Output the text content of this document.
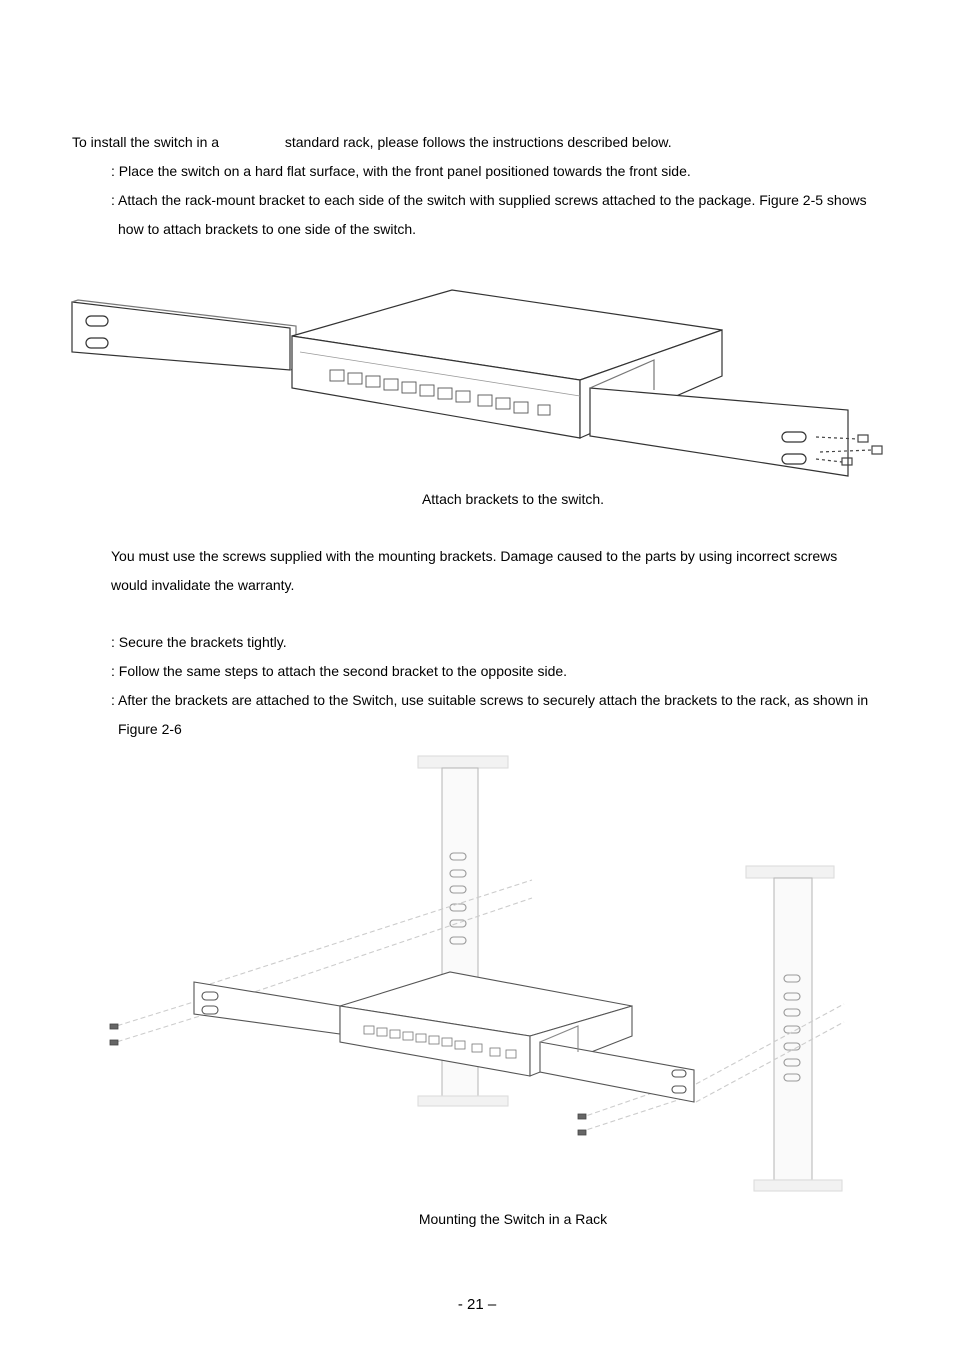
To install the switch in a	standard rack, please follows the instructions described below.
: Place the switch on a hard flat surface, with the front panel positioned towards the front side.
: Attach the rack-mount bracket to each side of the switch with supplied screws attached to the package. Figure 2-5 shows
how to attach brackets to one side of the switch.
Attach brackets to the switch.
You must use the screws supplied with the mounting brackets. Damage caused to the parts by using incorrect screws
would invalidate the warranty.
: Secure the brackets tightly.
: Follow the same steps to attach the second bracket to the opposite side.
: After the brackets are attached to the Switch, use suitable screws to securely attach the brackets to the rack, as shown in
Figure 2-6
Mounting the Switch in a Rack
- 21 –
